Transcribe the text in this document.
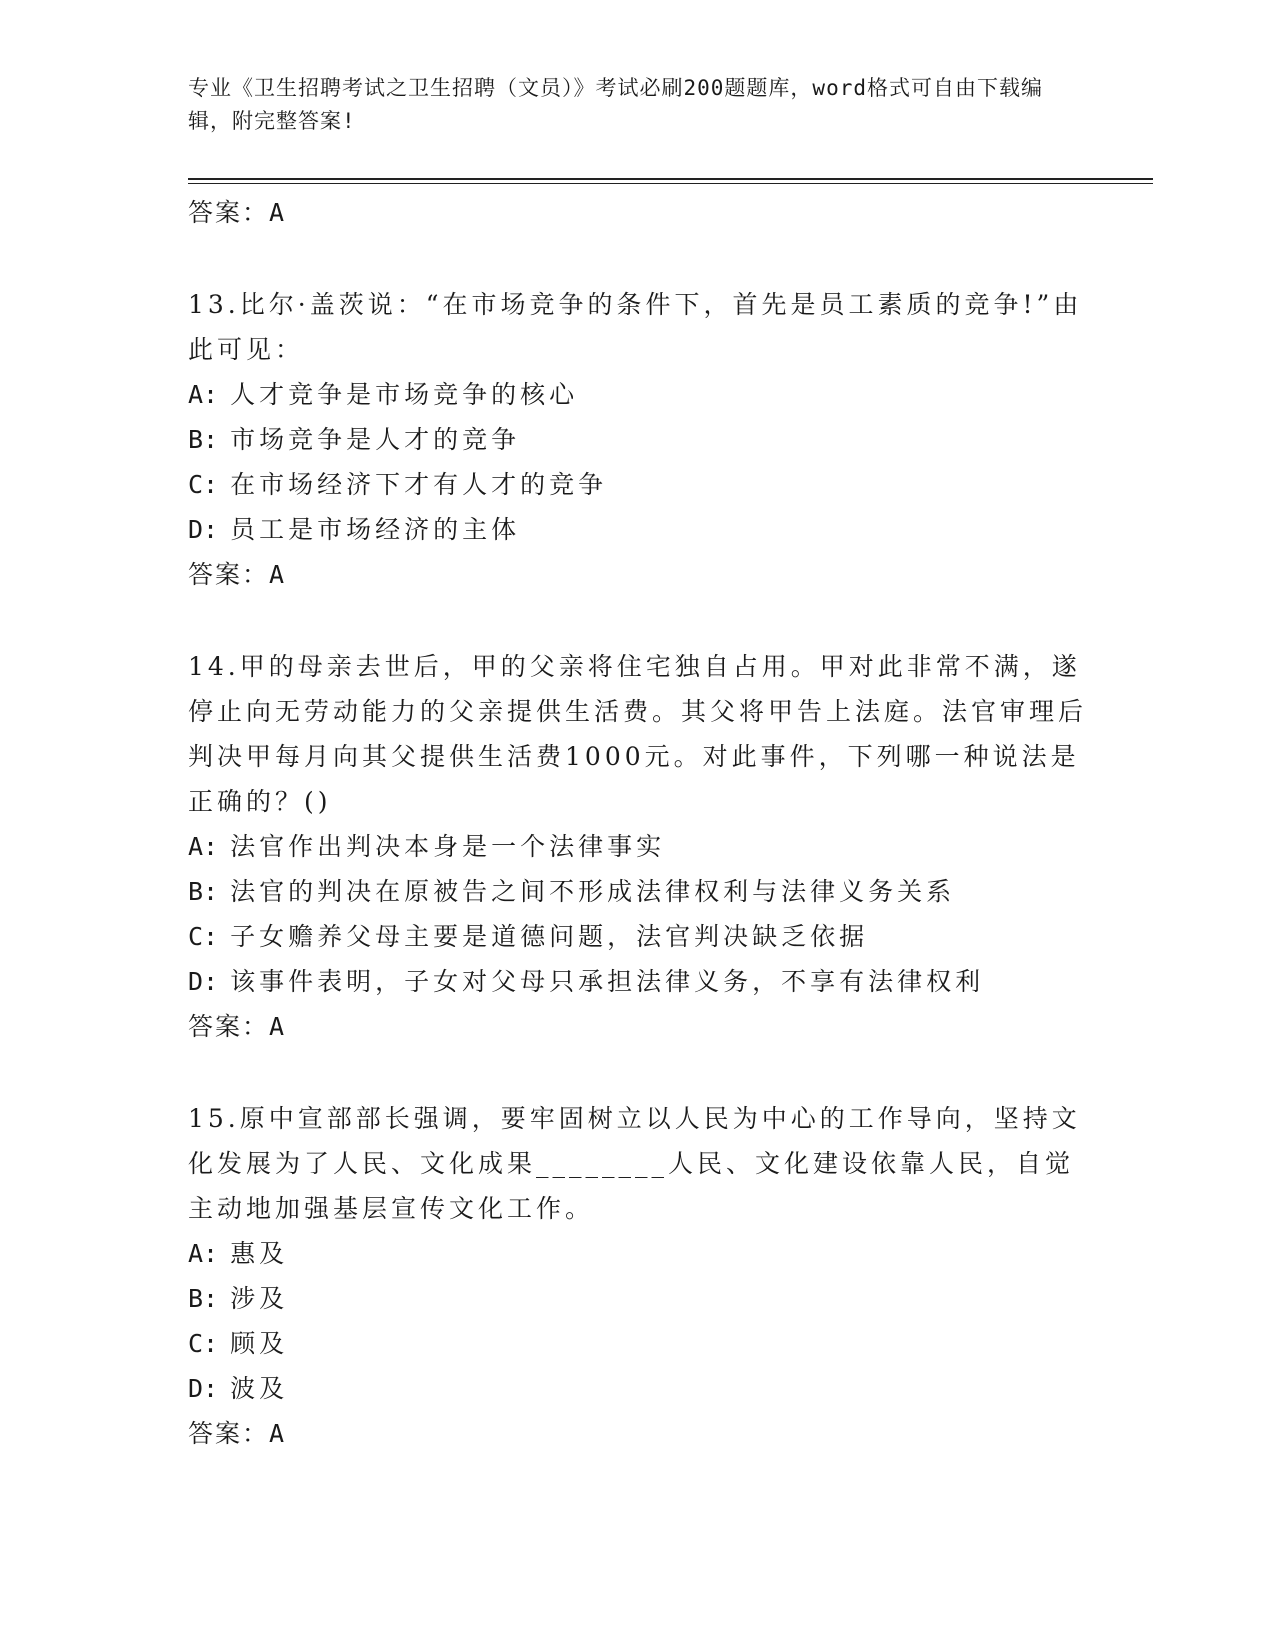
专业《卫生招聘考试之卫生招聘（文员）》考试必刷200题题库，word格式可自由下载编辑，附完整答案!
答案：A
13.比尔·盖茨说：“在市场竞争的条件下，首先是员工素质的竞争!”由此可见：
A: 人才竞争是市场竞争的核心
B: 市场竞争是人才的竞争
C: 在市场经济下才有人才的竞争
D: 员工是市场经济的主体
答案：A
14.甲的母亲去世后，甲的父亲将住宅独自占用。甲对此非常不满，遂停止向无劳动能力的父亲提供生活费。其父将甲告上法庭。法官审理后判决甲每月向其父提供生活费1000元。对此事件，下列哪一种说法是正确的？()
A: 法官作出判决本身是一个法律事实
B: 法官的判决在原被告之间不形成法律权利与法律义务关系
C: 子女赡养父母主要是道德问题，法官判决缺乏依据
D: 该事件表明，子女对父母只承担法律义务，不享有法律权利
答案：A
15.原中宣部部长强调，要牢固树立以人民为中心的工作导向，坚持文化发展为了人民、文化成果________人民、文化建设依靠人民，自觉主动地加强基层宣传文化工作。
A: 惠及
B: 涉及
C: 顾及
D: 波及
答案：A
